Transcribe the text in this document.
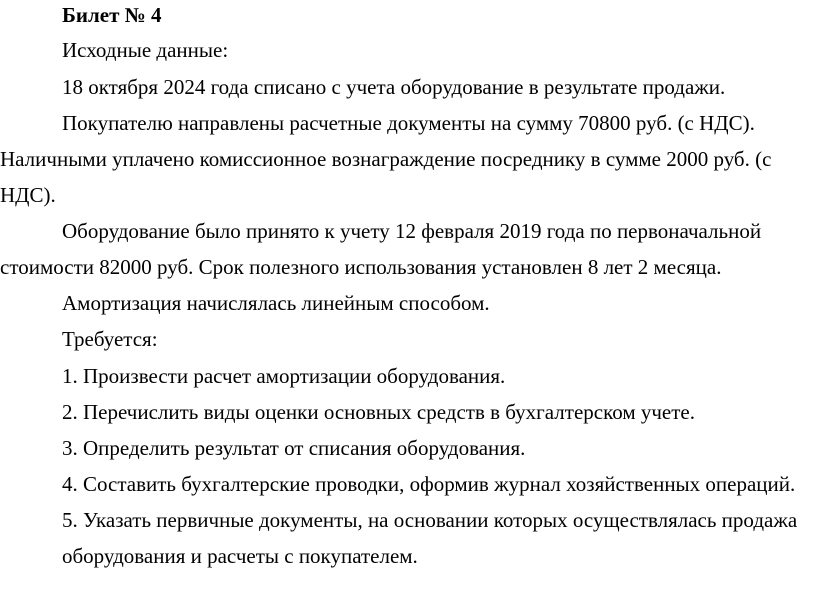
Билет № 4
Исходные данные:
18 октября 2024 года списано с учета оборудование в результате продажи.
Покупателю направлены расчетные документы на сумму 70800 руб. (с НДС).
Наличными уплачено комиссионное вознаграждение посреднику в сумме 2000 руб. (с
НДС).
Оборудование было принято к учету 12 февраля 2019 года по первоначальной
стоимости 82000 руб. Срок полезного использования установлен 8 лет 2 месяца.
Амортизация начислялась линейным способом.
Требуется:
1. Произвести расчет амортизации оборудования.
2. Перечислить виды оценки основных средств в бухгалтерском учете.
3. Определить результат от списания оборудования.
4. Составить бухгалтерские проводки, оформив журнал хозяйственных операций.
5. Указать первичные документы, на основании которых осуществлялась продажа
оборудования и расчеты с покупателем.
